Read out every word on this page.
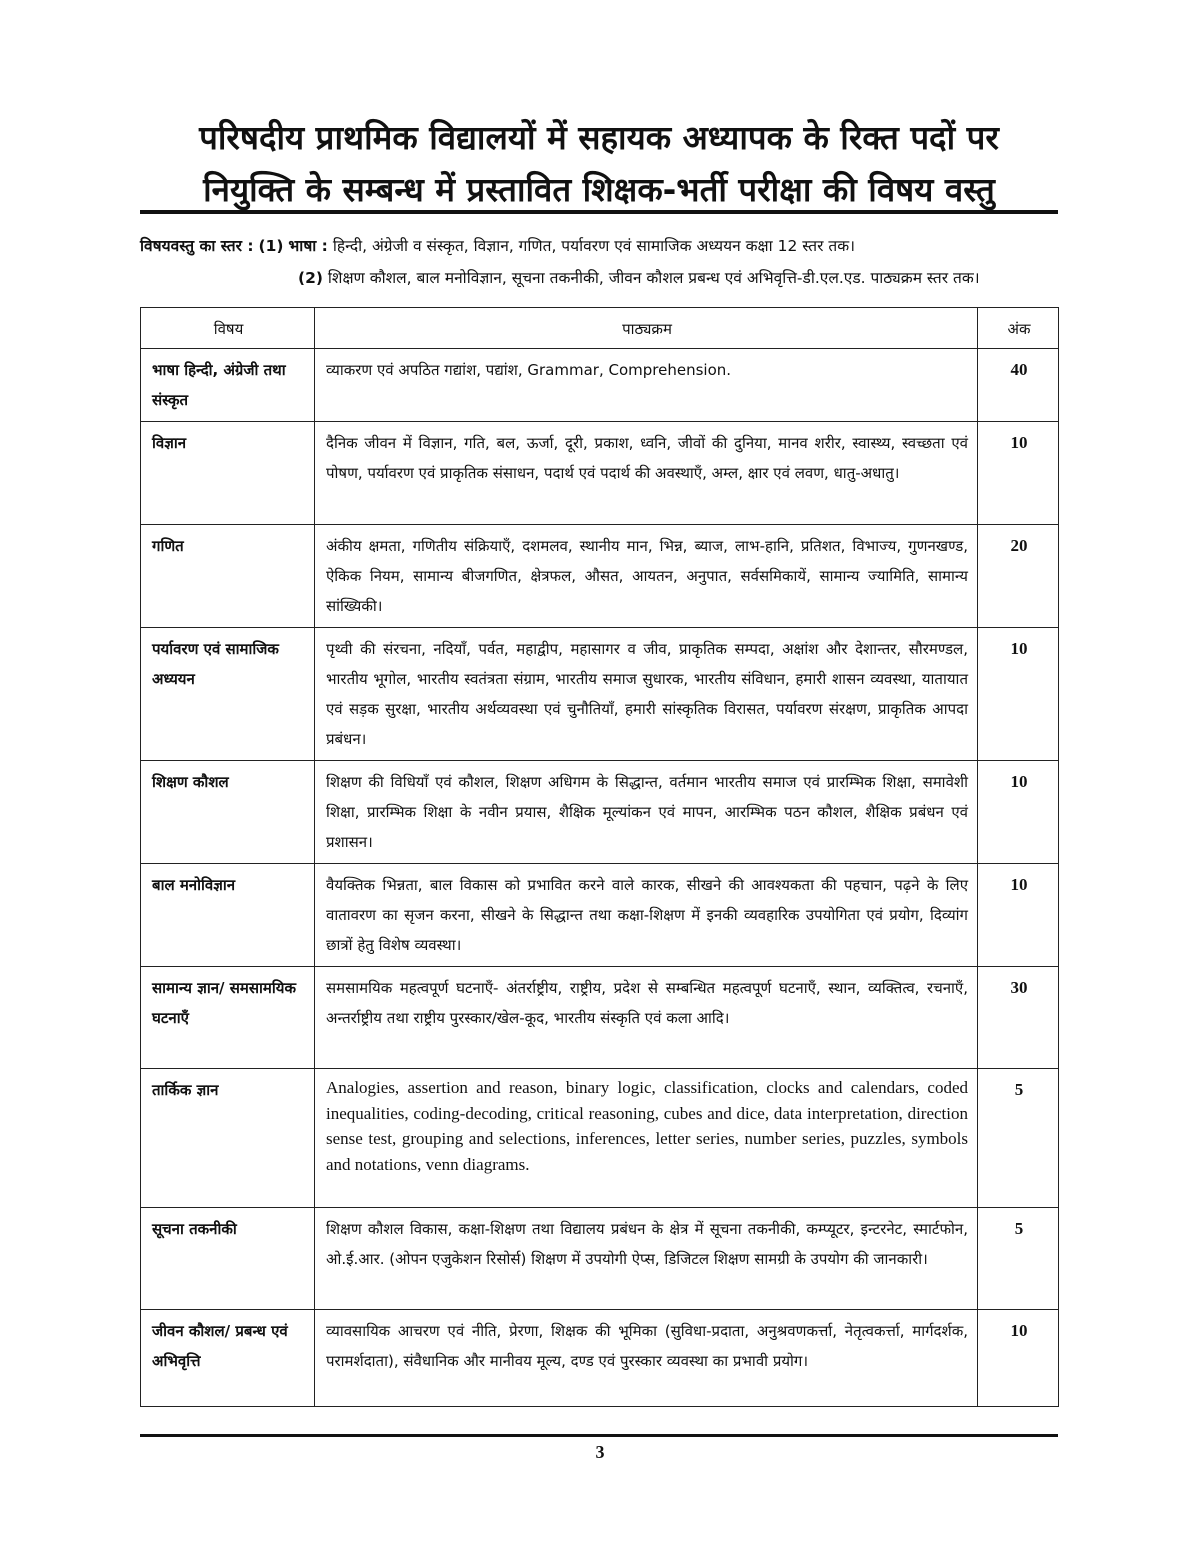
परिषदीय प्राथमिक विद्यालयों में सहायक अध्यापक के रिक्त पदों पर
नियुक्ति के सम्बन्ध में प्रस्तावित शिक्षक-भर्ती परीक्षा की विषय वस्तु
विषयवस्तु का स्तर : (1) भाषा : हिन्दी, अंग्रेजी व संस्कृत, विज्ञान, गणित, पर्यावरण एवं सामाजिक अध्ययन कक्षा 12 स्तर तक।
(2) शिक्षण कौशल, बाल मनोविज्ञान, सूचना तकनीकी, जीवन कौशल प्रबन्ध एवं अभिवृत्ति-डी.एल.एड. पाठ्यक्रम स्तर तक।
विषय	पाठ्यक्रम	अंक
भाषा हिन्दी, अंग्रेजी तथा संस्कृत	व्याकरण एवं अपठित गद्यांश, पद्यांश, Grammar, Comprehension.	40
विज्ञान	दैनिक जीवन में विज्ञान, गति, बल, ऊर्जा, दूरी, प्रकाश, ध्वनि, जीवों की दुनिया, मानव शरीर, स्वास्थ्य, स्वच्छता एवं पोषण, पर्यावरण एवं प्राकृतिक संसाधन, पदार्थ एवं पदार्थ की अवस्थाएँ, अम्ल, क्षार एवं लवण, धातु-अधातु।	10
गणित	अंकीय क्षमता, गणितीय संक्रियाएँ, दशमलव, स्थानीय मान, भिन्न, ब्याज, लाभ-हानि, प्रतिशत, विभाज्य, गुणनखण्ड, ऐकिक नियम, सामान्य बीजगणित, क्षेत्रफल, औसत, आयतन, अनुपात, सर्वसमिकायें, सामान्य ज्यामिति, सामान्य सांख्यिकी।	20
पर्यावरण एवं सामाजिक अध्ययन	पृथ्वी की संरचना, नदियाँ, पर्वत, महाद्वीप, महासागर व जीव, प्राकृतिक सम्पदा, अक्षांश और देशान्तर, सौरमण्डल, भारतीय भूगोल, भारतीय स्वतंत्रता संग्राम, भारतीय समाज सुधारक, भारतीय संविधान, हमारी शासन व्यवस्था, यातायात एवं सड़क सुरक्षा, भारतीय अर्थव्यवस्था एवं चुनौतियाँ, हमारी सांस्कृतिक विरासत, पर्यावरण संरक्षण, प्राकृतिक आपदा प्रबंधन।	10
शिक्षण कौशल	शिक्षण की विधियाँ एवं कौशल, शिक्षण अधिगम के सिद्धान्त, वर्तमान भारतीय समाज एवं प्रारम्भिक शिक्षा, समावेशी शिक्षा, प्रारम्भिक शिक्षा के नवीन प्रयास, शैक्षिक मूल्यांकन एवं मापन, आरम्भिक पठन कौशल, शैक्षिक प्रबंधन एवं प्रशासन।	10
बाल मनोविज्ञान	वैयक्तिक भिन्नता, बाल विकास को प्रभावित करने वाले कारक, सीखने की आवश्यकता की पहचान, पढ़ने के लिए वातावरण का सृजन करना, सीखने के सिद्धान्त तथा कक्षा-शिक्षण में इनकी व्यवहारिक उपयोगिता एवं प्रयोग, दिव्यांग छात्रों हेतु विशेष व्यवस्था।	10
सामान्य ज्ञान/ समसामयिक घटनाएँ	समसामयिक महत्वपूर्ण घटनाएँ- अंतर्राष्ट्रीय, राष्ट्रीय, प्रदेश से सम्बन्धित महत्वपूर्ण घटनाएँ, स्थान, व्यक्तित्व, रचनाएँ, अन्तर्राष्ट्रीय तथा राष्ट्रीय पुरस्कार/खेल-कूद, भारतीय संस्कृति एवं कला आदि।	30
तार्किक ज्ञान	Analogies, assertion and reason, binary logic, classification, clocks and calendars, coded inequalities, coding-decoding, critical reasoning, cubes and dice, data interpretation, direction sense test, grouping and selections, inferences, letter series, number series, puzzles, symbols and notations, venn diagrams.	5
सूचना तकनीकी	शिक्षण कौशल विकास, कक्षा-शिक्षण तथा विद्यालय प्रबंधन के क्षेत्र में सूचना तकनीकी, कम्प्यूटर, इन्टरनेट, स्मार्टफोन, ओ.ई.आर. (ओपन एजुकेशन रिसोर्स) शिक्षण में उपयोगी ऐप्स, डिजिटल शिक्षण सामग्री के उपयोग की जानकारी।	5
जीवन कौशल/ प्रबन्ध एवं अभिवृत्ति	व्यावसायिक आचरण एवं नीति, प्रेरणा, शिक्षक की भूमिका (सुविधा-प्रदाता, अनुश्रवणकर्त्ता, नेतृत्वकर्त्ता, मार्गदर्शक, परामर्शदाता), संवैधानिक और मानीवय मूल्य, दण्ड एवं पुरस्कार व्यवस्था का प्रभावी प्रयोग।	10
3
